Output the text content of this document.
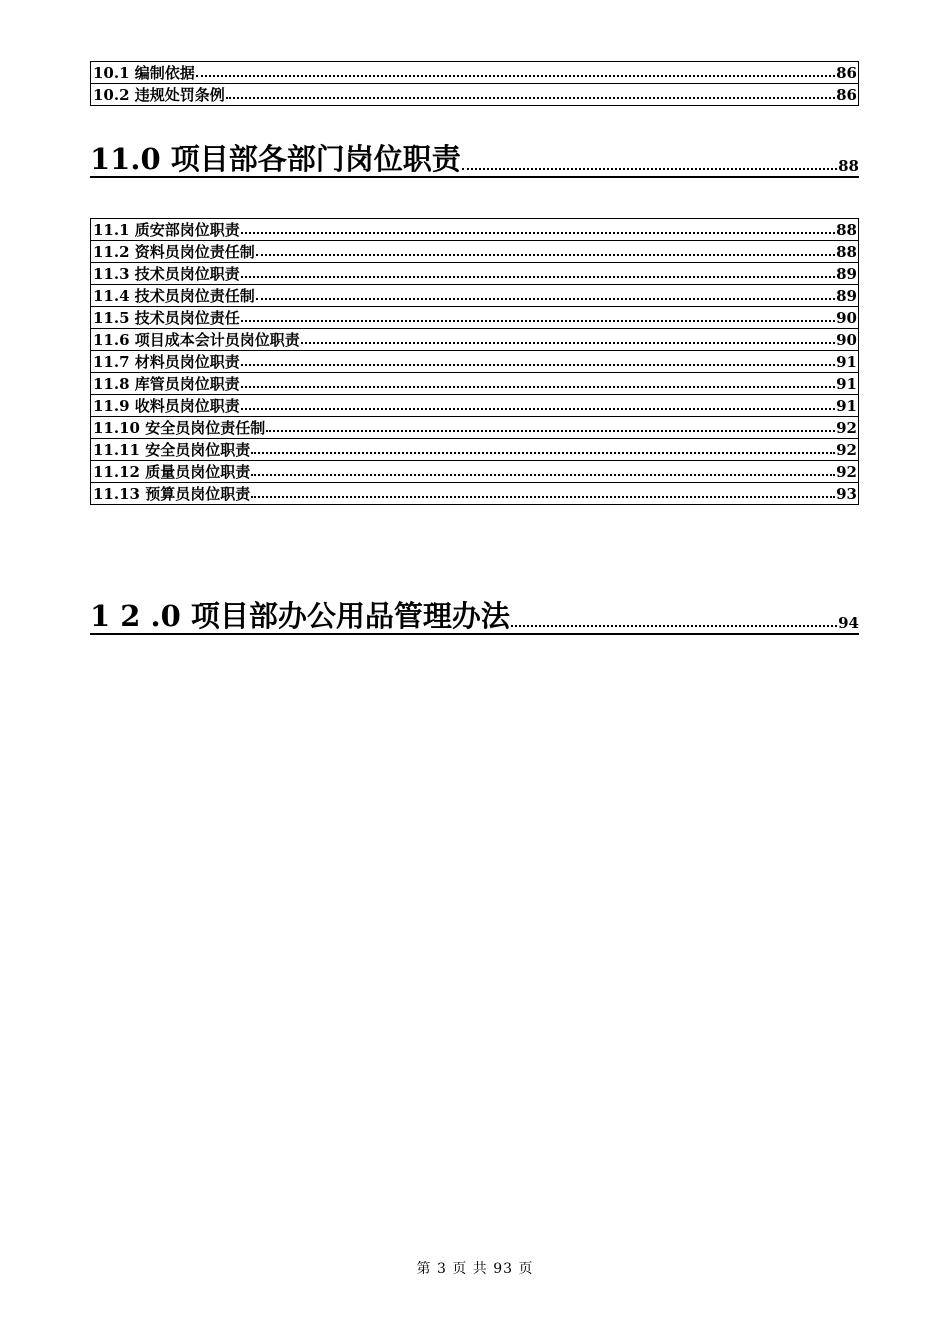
10.1 编制依据	86
10.2 违规处罚条例	86
11.0 项目部各部门岗位职责	88
11.1 质安部岗位职责	88
11.2 资料员岗位责任制	88
11.3 技术员岗位职责	89
11.4 技术员岗位责任制	89
11.5 技术员岗位责任	90
11.6 项目成本会计员岗位职责	90
11.7 材料员岗位职责	91
11.8 库管员岗位职责	91
11.9 收料员岗位职责	91
11.10 安全员岗位责任制	92
11.11 安全员岗位职责	92
11.12 质量员岗位职责	92
11.13 预算员岗位职责	93
1 2 .0 项目部办公用品管理办法	94
第 3 页 共 93 页
